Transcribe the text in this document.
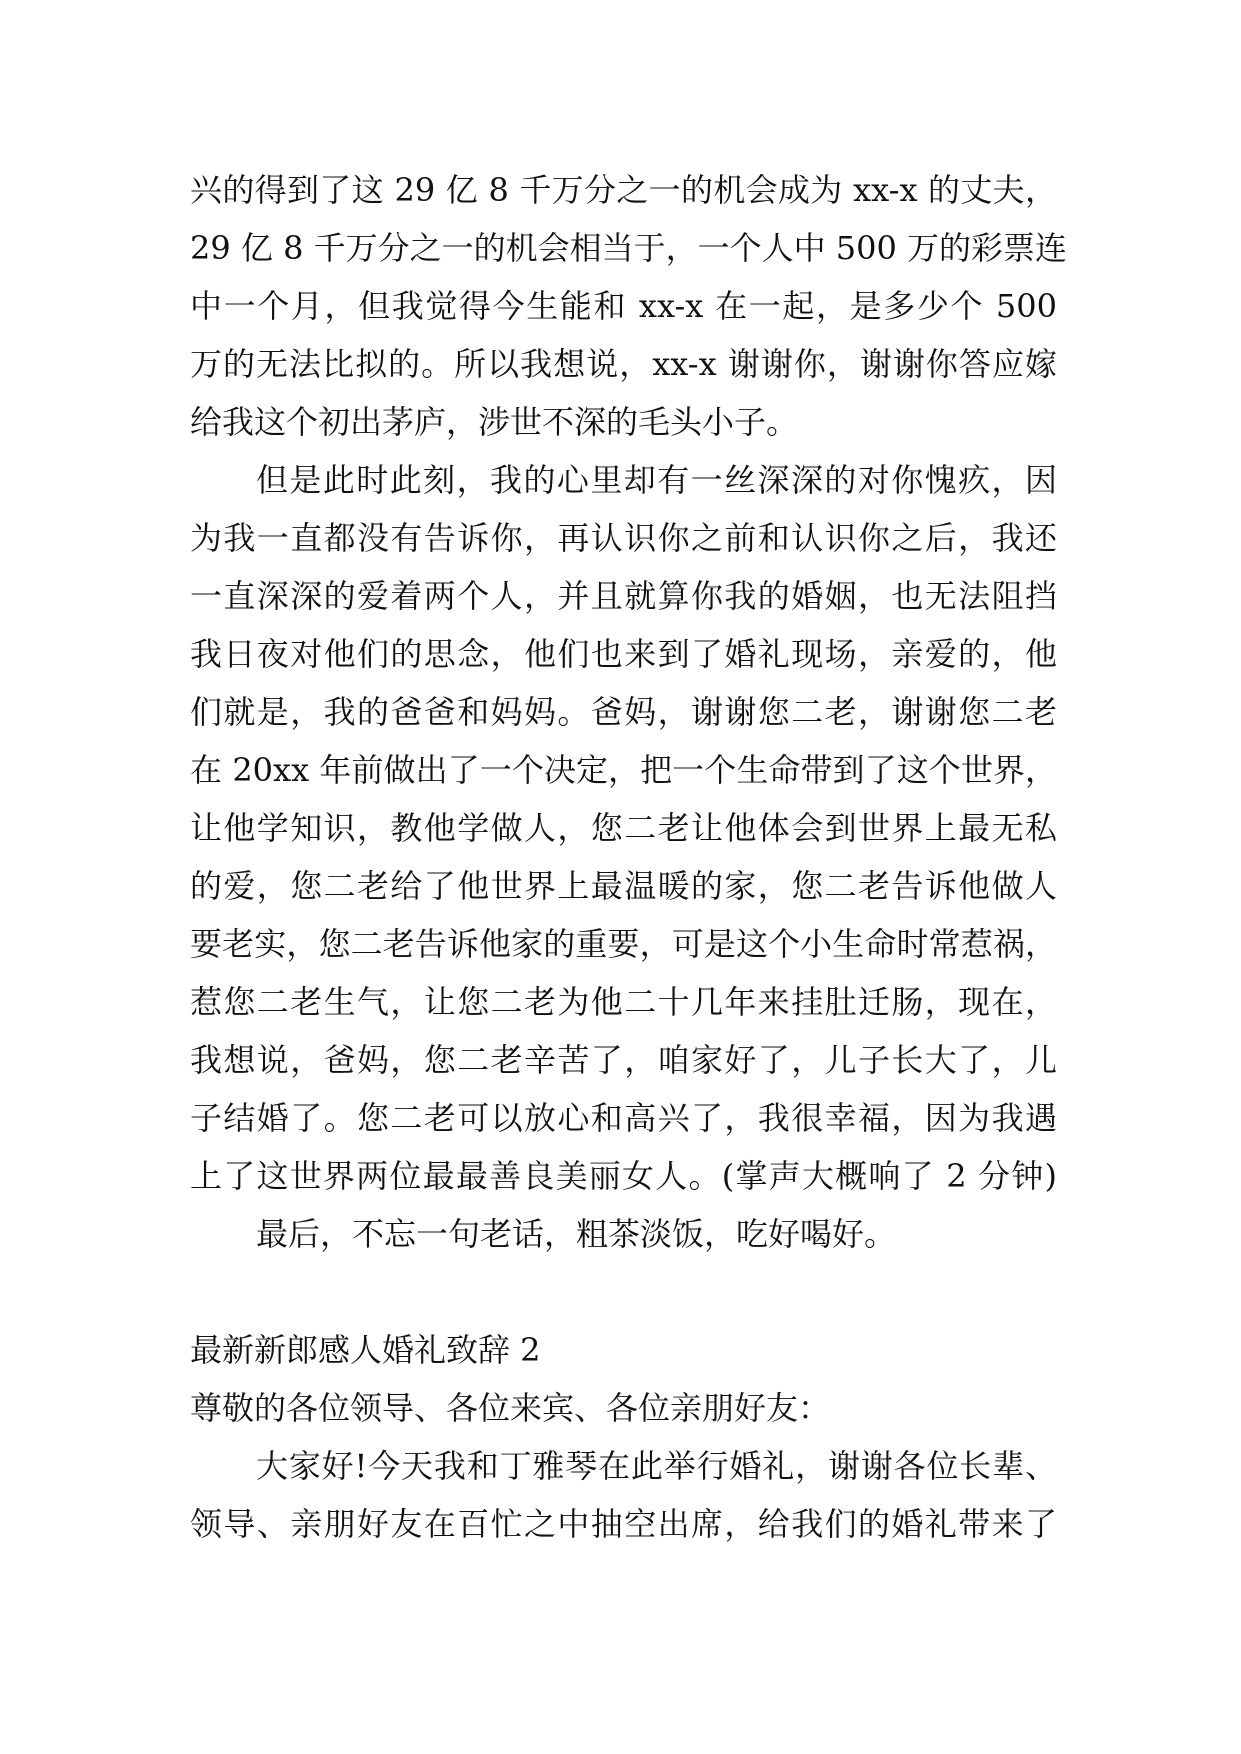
兴的得到了这 29 亿 8 千万分之一的机会成为 xx-x 的丈夫，
29 亿 8 千万分之一的机会相当于，一个人中 500 万的彩票连
中一个月，但我觉得今生能和 xx-x 在一起，是多少个 500
万的无法比拟的。所以我想说，xx-x 谢谢你，谢谢你答应嫁
给我这个初出茅庐，涉世不深的毛头小子。
但是此时此刻，我的心里却有一丝深深的对你愧疚，因
为我一直都没有告诉你，再认识你之前和认识你之后，我还
一直深深的爱着两个人，并且就算你我的婚姻，也无法阻挡
我日夜对他们的思念，他们也来到了婚礼现场，亲爱的，他
们就是，我的爸爸和妈妈。爸妈，谢谢您二老，谢谢您二老
在 20xx 年前做出了一个决定，把一个生命带到了这个世界，
让他学知识，教他学做人，您二老让他体会到世界上最无私
的爱，您二老给了他世界上最温暖的家，您二老告诉他做人
要老实，您二老告诉他家的重要，可是这个小生命时常惹祸，
惹您二老生气，让您二老为他二十几年来挂肚迁肠，现在，
我想说，爸妈，您二老辛苦了，咱家好了，儿子长大了，儿
子结婚了。您二老可以放心和高兴了，我很幸福，因为我遇
上了这世界两位最最善良美丽女人。(掌声大概响了 2 分钟)
最后，不忘一句老话，粗茶淡饭，吃好喝好。
最新新郎感人婚礼致辞 2
尊敬的各位领导、各位来宾、各位亲朋好友：
大家好!今天我和丁雅琴在此举行婚礼，谢谢各位长辈、
领导、亲朋好友在百忙之中抽空出席，给我们的婚礼带来了
